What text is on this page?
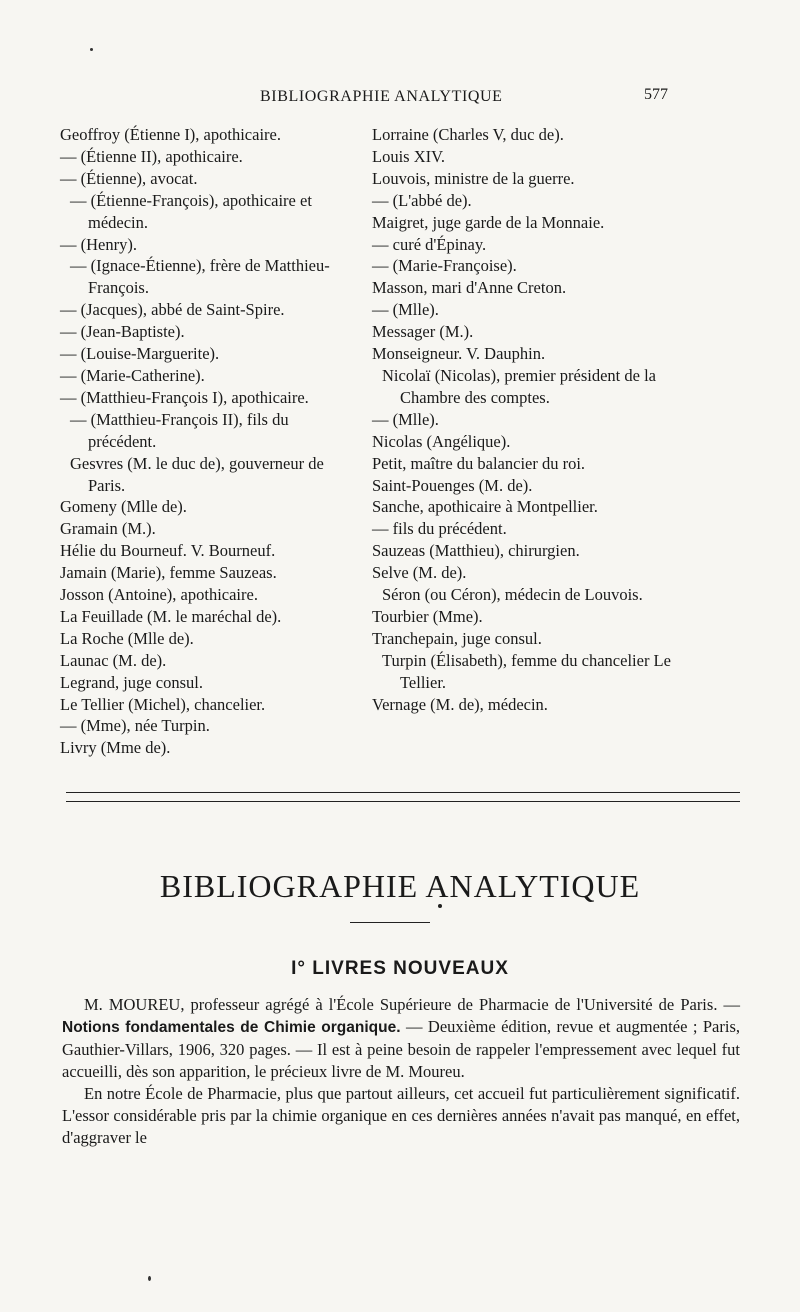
BIBLIOGRAPHIE ANALYTIQUE	577
Geoffroy (Étienne I), apothicaire.
— (Étienne II), apothicaire.
— (Étienne), avocat.
— (Étienne-François), apothicaire et médecin.
— (Henry).
— (Ignace-Étienne), frère de Matthieu-François.
— (Jacques), abbé de Saint-Spire.
— (Jean-Baptiste).
— (Louise-Marguerite).
— (Marie-Catherine).
— (Matthieu-François I), apothicaire.
— (Matthieu-François II), fils du précédent.
Gesvres (M. le duc de), gouverneur de Paris.
Gomeny (Mlle de).
Gramain (M.).
Hélie du Bourneuf. V. Bourneuf.
Jamain (Marie), femme Sauzeas.
Josson (Antoine), apothicaire.
La Feuillade (M. le maréchal de).
La Roche (Mlle de).
Launac (M. de).
Legrand, juge consul.
Le Tellier (Michel), chancelier.
— (Mme), née Turpin.
Livry (Mme de).
Lorraine (Charles V, duc de).
Louis XIV.
Louvois, ministre de la guerre.
— (L'abbé de).
Maigret, juge garde de la Monnaie.
— curé d'Épinay.
— (Marie-Françoise).
Masson, mari d'Anne Creton.
— (Mlle).
Messager (M.).
Monseigneur. V. Dauphin.
Nicolaï (Nicolas), premier président de la Chambre des comptes.
— (Mlle).
Nicolas (Angélique).
Petit, maître du balancier du roi.
Saint-Pouenges (M. de).
Sanche, apothicaire à Montpellier.
— fils du précédent.
Sauzeas (Matthieu), chirurgien.
Selve (M. de).
Séron (ou Céron), médecin de Louvois.
Tourbier (Mme).
Tranchepain, juge consul.
Turpin (Élisabeth), femme du chancelier Le Tellier.
Vernage (M. de), médecin.
BIBLIOGRAPHIE ANALYTIQUE
I° LIVRES NOUVEAUX

M. MOUREU, professeur agrégé à l'École Supérieure de Pharmacie de l'Université de Paris. — Notions fondamentales de Chimie organique. — Deuxième édition, revue et augmentée ; Paris, Gauthier-Villars, 1906, 320 pages. — Il est à peine besoin de rappeler l'empressement avec lequel fut accueilli, dès son apparition, le précieux livre de M. Moureu.

En notre École de Pharmacie, plus que partout ailleurs, cet accueil fut particulièrement significatif. L'essor considérable pris par la chimie organique en ces dernières années n'avait pas manqué, en effet, d'aggraver le
